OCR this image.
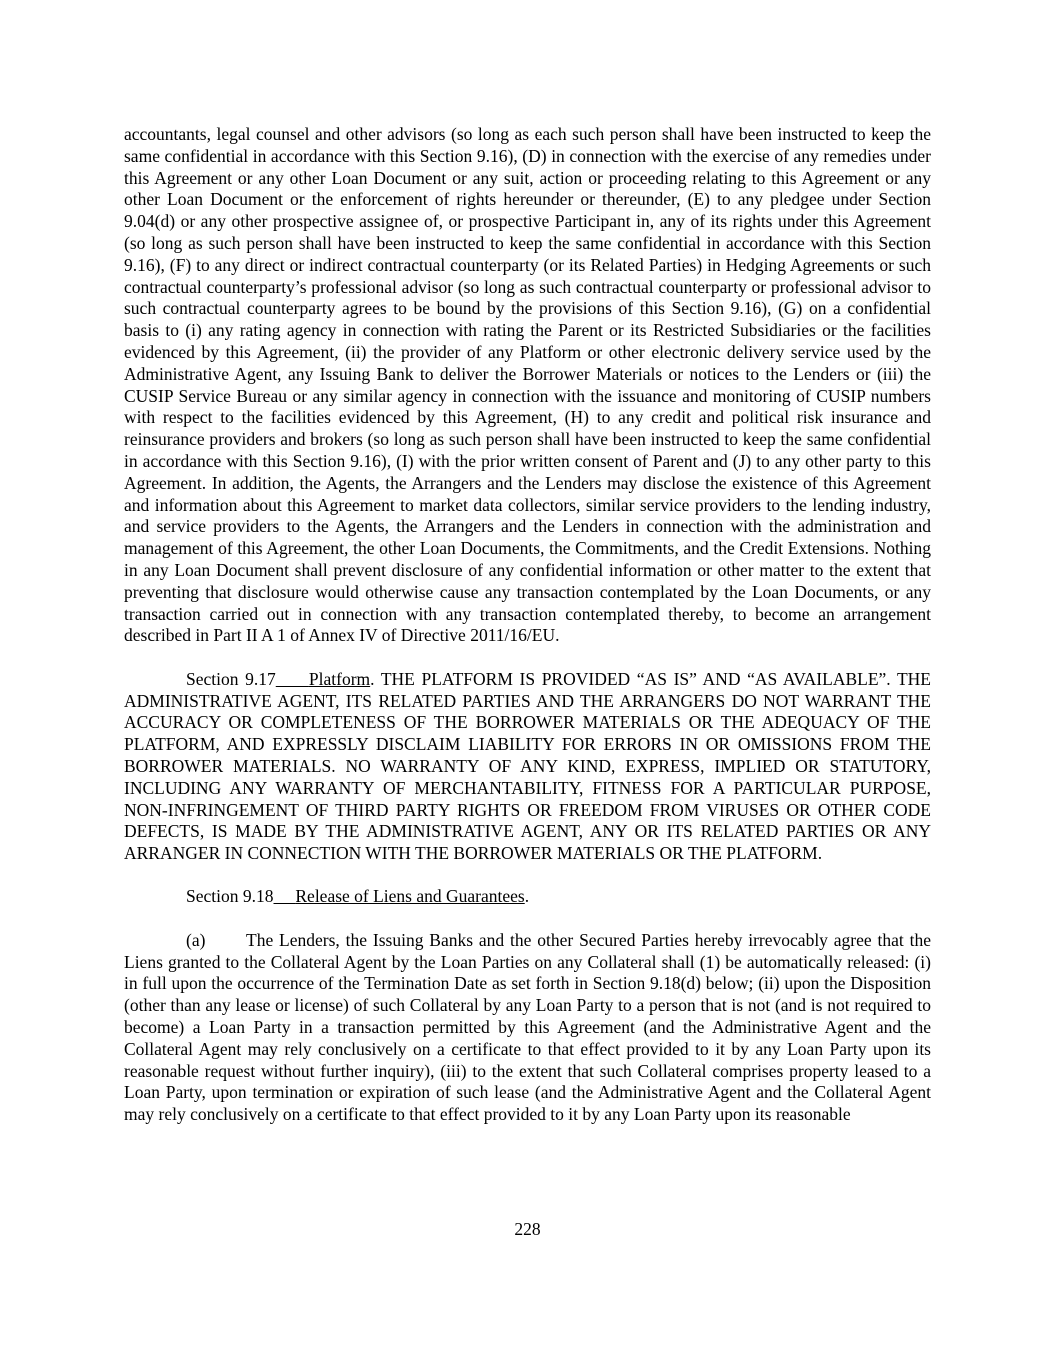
accountants, legal counsel and other advisors (so long as each such person shall have been instructed to keep the same confidential in accordance with this Section 9.16), (D) in connection with the exercise of any remedies under this Agreement or any other Loan Document or any suit, action or proceeding relating to this Agreement or any other Loan Document or the enforcement of rights hereunder or thereunder, (E) to any pledgee under Section 9.04(d) or any other prospective assignee of, or prospective Participant in, any of its rights under this Agreement (so long as such person shall have been instructed to keep the same confidential in accordance with this Section 9.16), (F) to any direct or indirect contractual counterparty (or its Related Parties) in Hedging Agreements or such contractual counterparty’s professional advisor (so long as such contractual counterparty or professional advisor to such contractual counterparty agrees to be bound by the provisions of this Section 9.16), (G) on a confidential basis to (i) any rating agency in connection with rating the Parent or its Restricted Subsidiaries or the facilities evidenced by this Agreement, (ii) the provider of any Platform or other electronic delivery service used by the Administrative Agent, any Issuing Bank to deliver the Borrower Materials or notices to the Lenders or (iii) the CUSIP Service Bureau or any similar agency in connection with the issuance and monitoring of CUSIP numbers with respect to the facilities evidenced by this Agreement, (H) to any credit and political risk insurance and reinsurance providers and brokers (so long as such person shall have been instructed to keep the same confidential in accordance with this Section 9.16), (I) with the prior written consent of Parent and (J) to any other party to this Agreement. In addition, the Agents, the Arrangers and the Lenders may disclose the existence of this Agreement and information about this Agreement to market data collectors, similar service providers to the lending industry, and service providers to the Agents, the Arrangers and the Lenders in connection with the administration and management of this Agreement, the other Loan Documents, the Commitments, and the Credit Extensions. Nothing in any Loan Document shall prevent disclosure of any confidential information or other matter to the extent that preventing that disclosure would otherwise cause any transaction contemplated by the Loan Documents, or any transaction carried out in connection with any transaction contemplated thereby, to become an arrangement described in Part II A 1 of Annex IV of Directive 2011/16/EU.

Section 9.17 Platform. THE PLATFORM IS PROVIDED “AS IS” AND “AS AVAILABLE”. THE ADMINISTRATIVE AGENT, ITS RELATED PARTIES AND THE ARRANGERS DO NOT WARRANT THE ACCURACY OR COMPLETENESS OF THE BORROWER MATERIALS OR THE ADEQUACY OF THE PLATFORM, AND EXPRESSLY DISCLAIM LIABILITY FOR ERRORS IN OR OMISSIONS FROM THE BORROWER MATERIALS. NO WARRANTY OF ANY KIND, EXPRESS, IMPLIED OR STATUTORY, INCLUDING ANY WARRANTY OF MERCHANTABILITY, FITNESS FOR A PARTICULAR PURPOSE, NON-INFRINGEMENT OF THIRD PARTY RIGHTS OR FREEDOM FROM VIRUSES OR OTHER CODE DEFECTS, IS MADE BY THE ADMINISTRATIVE AGENT, ANY OR ITS RELATED PARTIES OR ANY ARRANGER IN CONNECTION WITH THE BORROWER MATERIALS OR THE PLATFORM.

Section 9.18 Release of Liens and Guarantees.

(a) The Lenders, the Issuing Banks and the other Secured Parties hereby irrevocably agree that the Liens granted to the Collateral Agent by the Loan Parties on any Collateral shall (1) be automatically released: (i) in full upon the occurrence of the Termination Date as set forth in Section 9.18(d) below; (ii) upon the Disposition (other than any lease or license) of such Collateral by any Loan Party to a person that is not (and is not required to become) a Loan Party in a transaction permitted by this Agreement (and the Administrative Agent and the Collateral Agent may rely conclusively on a certificate to that effect provided to it by any Loan Party upon its reasonable request without further inquiry), (iii) to the extent that such Collateral comprises property leased to a Loan Party, upon termination or expiration of such lease (and the Administrative Agent and the Collateral Agent may rely conclusively on a certificate to that effect provided to it by any Loan Party upon its reasonable

228
